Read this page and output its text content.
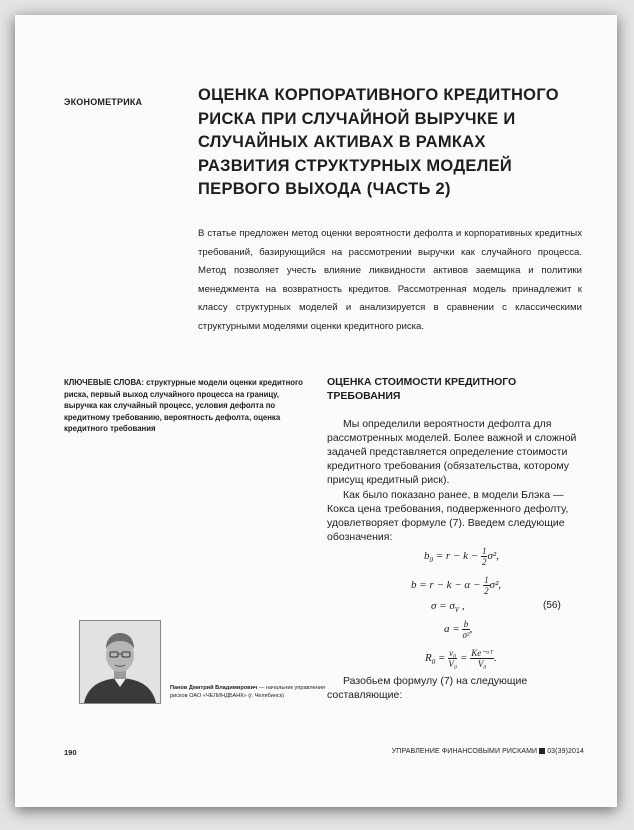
ЭКОНОМЕТРИКА	ОЦЕНКА КОРПОРАТИВНОГО КРЕДИТНОГО РИСКА ПРИ СЛУЧАЙНОЙ ВЫРУЧКЕ И СЛУЧАЙНЫХ АКТИВАХ В РАМКАХ РАЗВИТИЯ СТРУКТУРНЫХ МОДЕЛЕЙ ПЕРВОГО ВЫХОДА (ЧАСТЬ 2)
В статье предложен метод оценки вероятности дефолта и корпоративных кредитных требований, базирующийся на рассмотрении выручки как случайного процесса. Метод позволяет учесть влияние ликвидности активов заемщика и политики менеджмента на возвратность кредитов. Рассмотренная модель принадлежит к классу структурных моделей и анализируется в сравнении с классическими структурными моделями оценки кредитного риска.
КЛЮЧЕВЫЕ СЛОВА: структурные модели оценки кредитного риска, первый выход случайного процесса на границу, выручка как случайный процесс, условия дефолта по кредитному требованию, вероятность дефолта, оценка кредитного требования
ОЦЕНКА СТОИМОСТИ КРЕДИТНОГО ТРЕБОВАНИЯ
Мы определили вероятности дефолта для рассмотренных моделей. Более важной и сложной задачей представляется определение стоимости кредитного требования (обязательства, которому присущ кредитный риск).
Как было показано ранее, в модели Блэка — Кокса цена требования, подверженного дефолту, удовлетворяет формуле (7). Введем следующие обозначения:
$b_0 = r - k - \frac{1}{2} \sigma^2$,
$b = r - k - \alpha - \frac{1}{2} \sigma^2$,
$\sigma = \sigma_V$ ,	(56)
$a = \frac{b}{\text{σ²}}$ ,
$R_0 = \frac{\text{v₀}}{\text{V₀}} = \frac{\text{Ke⁻ᵃᵀ}}{\text{V₀}}$ .
Разобьем формулу (7) на следующие составляющие:
Панов Дмитрий Владимирович — начальник управления рисков ОАО «ЧЕЛИНДБАНК» (г. Челябинск)
190	УПРАВЛЕНИЕ ФИНАНСОВЫМИ РИСКАМИ 03(39)2014
